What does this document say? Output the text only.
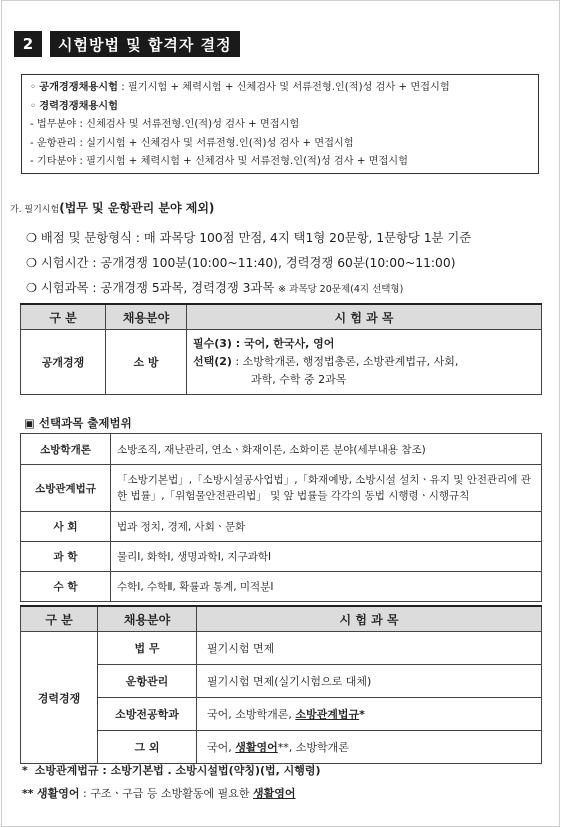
2	시험방법 및 합격자 결정
◦ 공개경쟁채용시험 : 필기시험 + 체력시험 + 신체검사 및 서류전형.인(적)성 검사 + 면접시험
◦ 경력경쟁채용시험
- 법무분야 : 신체검사 및 서류전형.인(적)성 검사 + 면접시험
- 운항관리 : 실기시험 + 신체검사 및 서류전형.인(적)성 검사 + 면접시험
- 기타분야 : 필기시험 + 체력시험 + 신체검사 및 서류전형.인(적)성 검사 + 면접시험
가. 필기시험(법무 및 운항관리 분야 제외)
❍ 배점 및 문항형식 : 매 과목당 100점 만점, 4지 택1형 20문항, 1문항당 1분 기준
❍ 시험시간 : 공개경쟁 100분(10:00~11:40), 경력경쟁 60분(10:00~11:00)
❍ 시험과목 : 공개경쟁 5과목, 경력경쟁 3과목 ※ 과목당 20문제(4지 선택형)
구 분	채용분야	시 험 과 목
공개경쟁	소 방	필수(3) : 국어, 한국사, 영어
선택(2) : 소방학개론, 행정법총론, 소방관계법규, 사회,
과학, 수학 중 2과목
▣ 선택과목 출제범위
소방학개론	소방조직, 재난관리, 연소ㆍ화재이론, 소화이론 분야(세부내용 참조)
소방관계법규	「소방기본법」,「소방시설공사업법」,「화재예방, 소방시설 설치ㆍ유지 및 안전관리에 관한 법률」,「위험물안전관리법」 및 앞 법률들 각각의 동법 시행령ㆍ시행규칙
사 회	법과 정치, 경제, 사회ㆍ문화
과 학	물리Ⅰ, 화학Ⅰ, 생명과학Ⅰ, 지구과학Ⅰ
수 학	수학Ⅰ, 수학Ⅱ, 확률과 통계, 미적분Ⅰ
구 분	채용분야	시 험 과 목
경력경쟁	법 무	필기시험 면제
	운항관리	필기시험 면제(실기시험으로 대체)
	소방전공학과	국어, 소방학개론, 소방관계법규*
	그 외	국어, 생활영어**, 소방학개론
* 소방관계법규 : 소방기본법 . 소방시설법(약칭)(법, 시행령)
** 생활영어 : 구조ㆍ구급 등 소방활동에 필요한 생활영어
